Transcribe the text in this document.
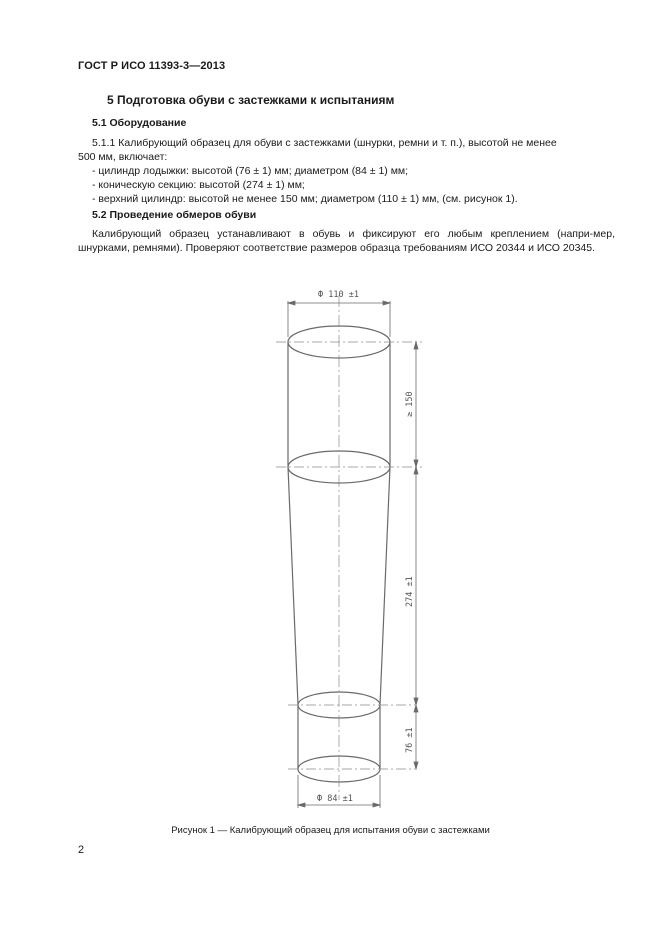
ГОСТ Р ИСО 11393-3—2013
5 Подготовка обуви с застежками к испытаниям
5.1 Оборудование
5.1.1 Калибрующий образец для обуви с застежками (шнурки, ремни и т. п.), высотой не менее
500 мм, включает:
- цилиндр лодыжки: высотой (76 ± 1) мм; диаметром (84 ± 1) мм;
- коническую секцию: высотой (274 ± 1) мм;
- верхний цилиндр: высотой не менее 150 мм; диаметром (110 ± 1) мм, (см. рисунок 1).
5.2 Проведение обмеров обуви
Калибрующий образец устанавливают в обувь и фиксируют его любым креплением (напри-мер, шнурками, ремнями). Проверяют соответствие размеров образца требованиям ИСО 20344 и ИСО 20345.
Ф 110 ±1
Ф 84 ±1
≥ 150
274 ±1
76 ±1
Рисунок 1 — Калибрующий образец для испытания обуви с застежками
2
